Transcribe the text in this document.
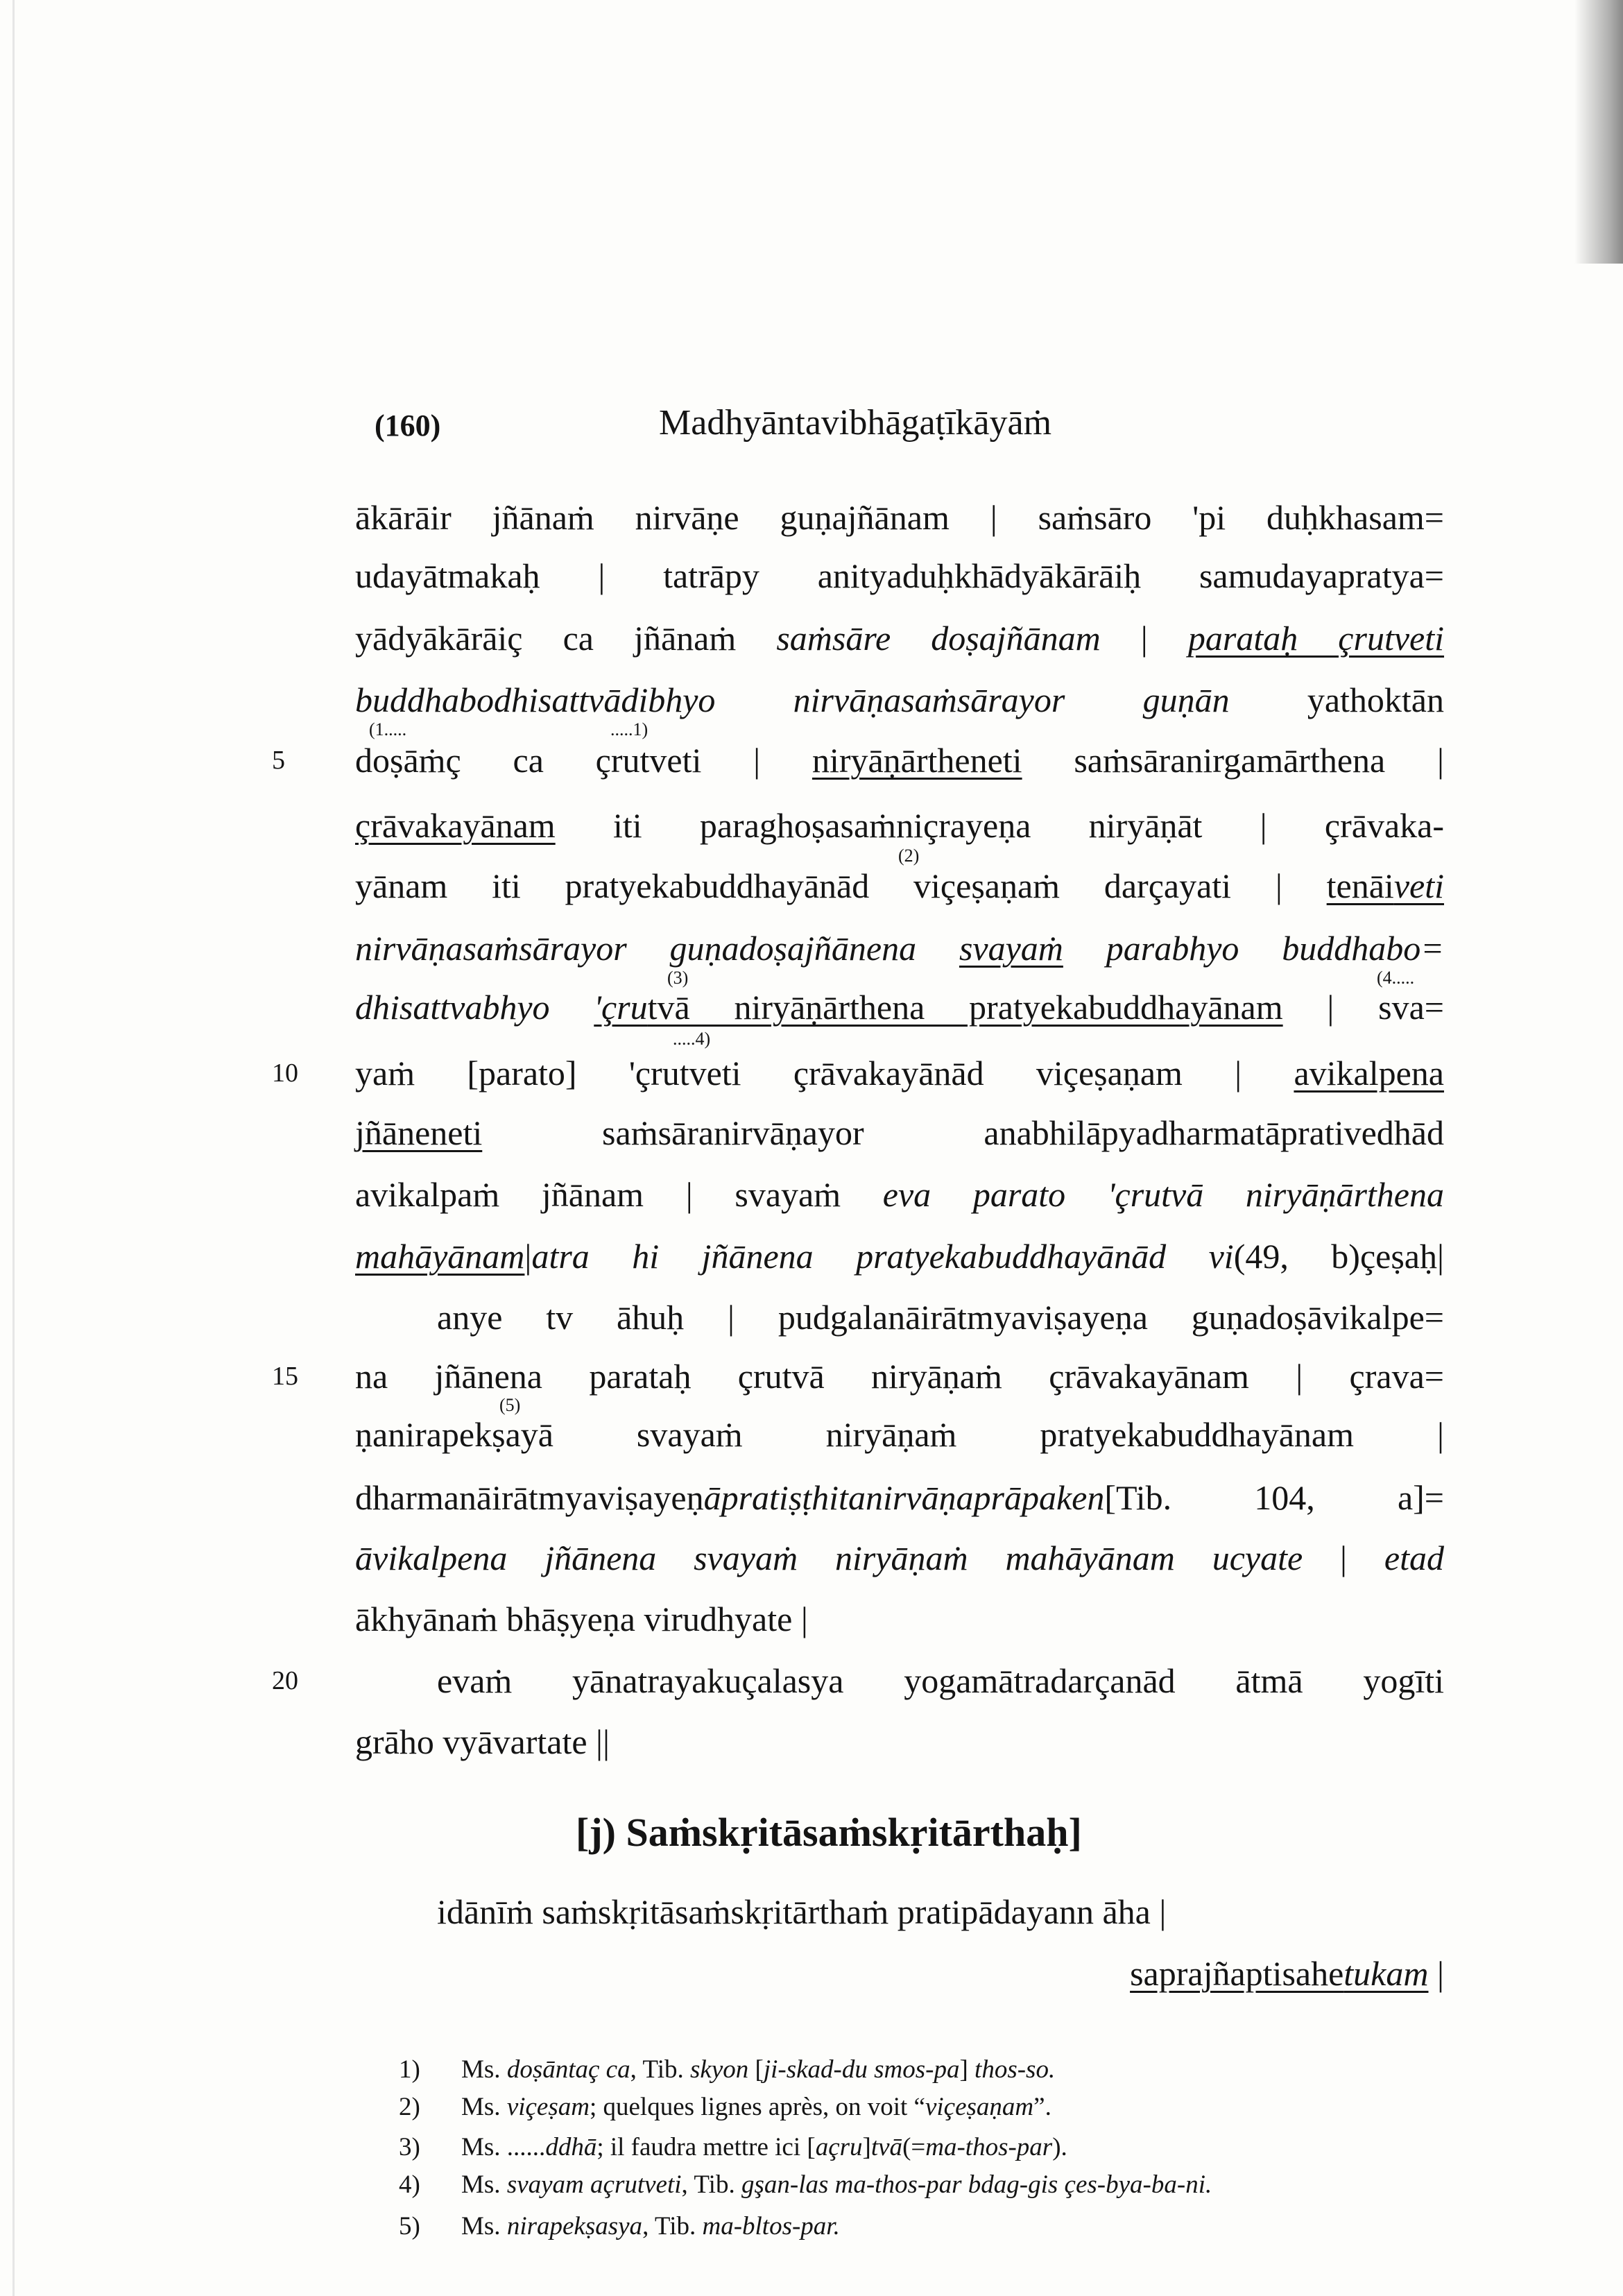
(160)	Madhyāntavibhāgaṭīkāyāṁ
5
10
15
20
(1.....	.....1)
(2)
(3)	(4.....
.....4)
(5)
ākārāir jñānaṁ nirvāṇe guṇajñānam | saṁsāro 'pi duḥkhasam=
udayātmakaḥ | tatrāpy anityaduḥkhādyākārāiḥ samudayapratya=
yādyākārāiç ca jñānaṁ saṁsāre doṣajñānam | parataḥ çrutveti
buddhabodhisattvādibhyo nirvāṇasaṁsārayor guṇān yathoktān
doṣāṁç ca çrutveti | niryāṇārtheneti saṁsāranirgamārthena |
çrāvakayānam iti paraghoṣasaṁniçrayeṇa niryāṇāt | çrāvaka-
yānam iti pratyekabuddhayānād viçeṣaṇaṁ darçayati | tenāiveti
nirvāṇasaṁsārayor guṇadoṣajñānena svayaṁ parabhyo buddhabo=
dhisattvabhyo 'çrutvā niryāṇārthena pratyekabuddhayānam | sva=
yaṁ [parato] 'çrutveti çrāvakayānād viçeṣaṇam | avikalpena
jñāneneti saṁsāranirvāṇayor anabhilāpyadharmatāprativedhād
avikalpaṁ jñānam | svayaṁ eva parato 'çrutvā niryāṇārthena
mahāyānam|atra hi jñānena pratyekabuddhayānād vi(49, b)çeṣaḥ|
anye tv āhuḥ | pudgalanāirātmyaviṣayeṇa guṇadoṣāvikalpe=
na jñānena parataḥ çrutvā niryāṇaṁ çrāvakayānam | çrava=
ṇanirapekṣayā svayaṁ niryāṇaṁ pratyekabuddhayānam |
dharmanāirātmyaviṣayeṇāpratiṣṭhitanirvāṇaprāpaken[Tib. 104, a]=
āvikalpena jñānena svayaṁ niryāṇaṁ mahāyānam ucyate | etad
ākhyānaṁ bhāṣyeṇa virudhyate |
evaṁ yānatrayakuçalasya yogamātradarçanād ātmā yogīti
grāho vyāvartate ||
[j) Saṁskṛitāsaṁskṛitārthaḥ]
idānīṁ saṁskṛitāsaṁskṛitārthaṁ pratipādayann āha |
saprajñaptisahetukam |
1) Ms. doṣāntaç ca, Tib. skyon [ji-skad-du smos-pa] thos-so.
2) Ms. viçeṣam; quelques lignes après, on voit “viçeṣaṇam”.
3) Ms. ......ddhā; il faudra mettre ici [açru]tvā(=ma-thos-par).
4) Ms. svayam açrutveti, Tib. gşan-las ma-thos-par bdag-gis çes-bya-ba-ni.
5) Ms. nirapekṣasya, Tib. ma-bltos-par.
